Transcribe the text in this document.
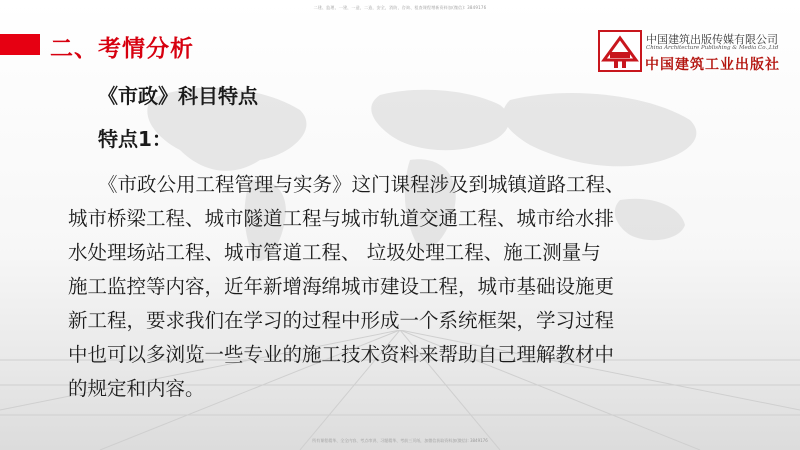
二建、监理、一建，一造，二造，安全，消防，咨询、租查课程增新资料加(微信): 3849176
二、考情分析	中国建筑出版传媒有限公司
China Architecture Publishing & Media Co.,Ltd
中国建筑工业出版社
《市政》科目特点
特点1：
《市政公用工程管理与实务》这门课程涉及到城镇道路工程、
城市桥梁工程、城市隧道工程与城市轨道交通工程、城市给水排
水处理场站工程、城市管道工程、 垃圾处理工程、施工测量与
施工监控等内容，近年新增海绵城市建设工程，城市基础设施更
新工程，要求我们在学习的过程中形成一个系统框架，学习过程
中也可以多浏览一些专业的施工技术资料来帮助自己理解教材中
的规定和内容。
所有课程精华、全全内容、考点串讲、习题精华、考前三页纸，加微信获取资料加(微信): 3849176
